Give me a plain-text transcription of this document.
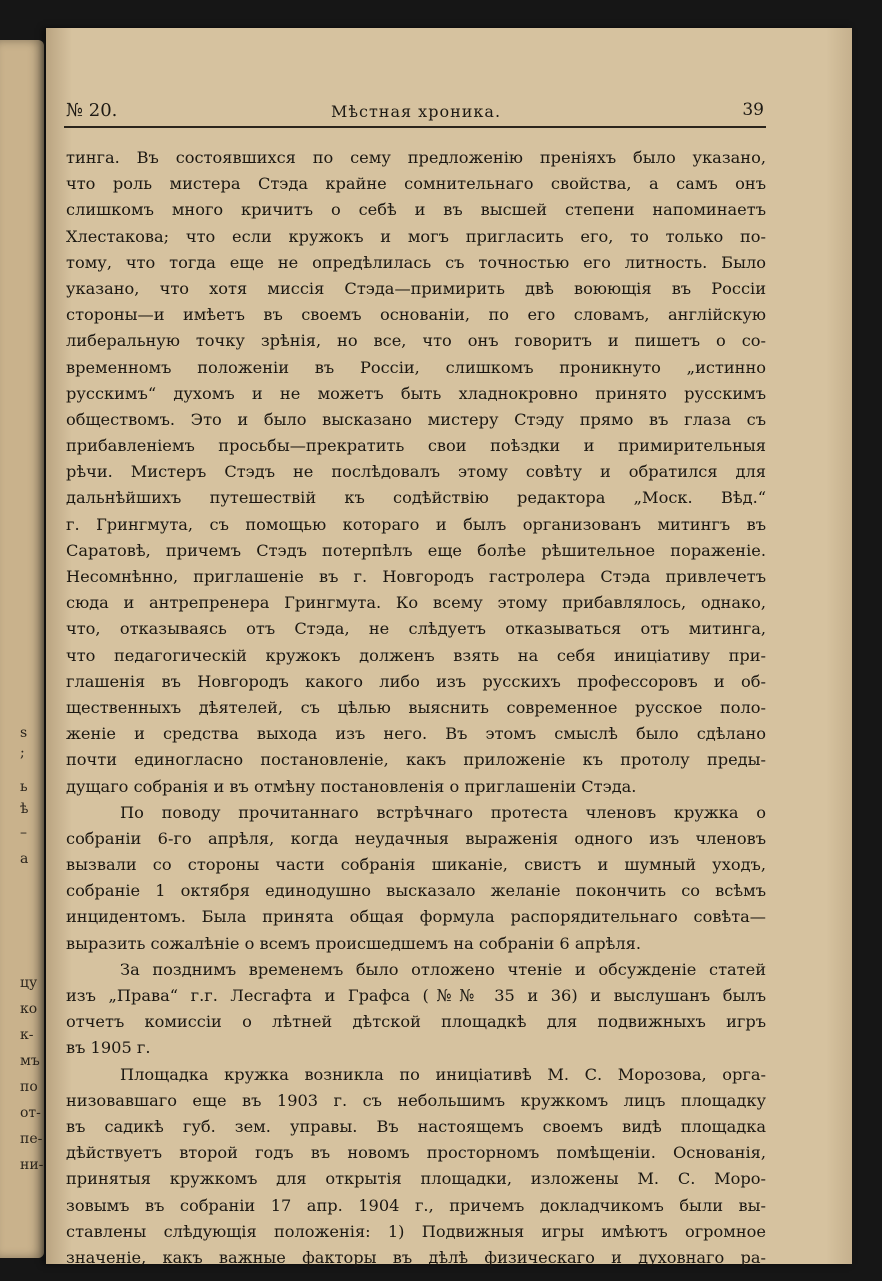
s
;
ь
ѣ
–
а
цу
ко
к-
мъ
по
от-
пе-
ни-
№ 20.	Мѣстная хроника.	39
тинга. Въ состоявшихся по сему предложенію преніяхъ было указано,
что роль мистера Стэда крайне сомнительнаго свойства, а самъ онъ
слишкомъ много кричитъ о себѣ и въ высшей степени напоминаетъ
Хлестакова; что если кружокъ и могъ пригласить его, то только по-
тому, что тогда еще не опредѣлилась съ точностью его литность. Было
указано, что хотя миссія Стэда—примирить двѣ воюющія въ Россіи
стороны—и имѣетъ въ своемъ основаніи, по его словамъ, англійскую
либеральную точку зрѣнія, но все, что онъ говоритъ и пишетъ о со-
временномъ положеніи въ Россіи, слишкомъ проникнуто „истинно
русскимъ“ духомъ и не можетъ быть хладнокровно принято русскимъ
обществомъ. Это и было высказано мистеру Стэду прямо въ глаза съ
прибавленіемъ просьбы—прекратить свои поѣздки и примирительныя
рѣчи. Мистеръ Стэдъ не послѣдовалъ этому совѣту и обратился для
дальнѣйшихъ путешествій къ содѣйствію редактора „Моск. Вѣд.“
г. Грингмута, съ помощью котораго и былъ организованъ митингъ въ
Саратовѣ, причемъ Стэдъ потерпѣлъ еще болѣе рѣшительное пораженіе.
Несомнѣнно, приглашеніе въ г. Новгородъ гастролера Стэда привлечетъ
сюда и антрепренера Грингмута. Ко всему этому прибавлялось, однако,
что, отказываясь отъ Стэда, не слѣдуетъ отказываться отъ митинга,
что педагогическій кружокъ долженъ взять на себя иниціативу при-
глашенія въ Новгородъ какого либо изъ русскихъ профессоровъ и об-
щественныхъ дѣятелей, съ цѣлью выяснить современное русское поло-
женіе и средства выхода изъ него. Въ этомъ смыслѣ было сдѣлано
почти единогласно постановленіе, какъ приложеніе къ протолу преды-
дущаго собранія и въ отмѣну постановленія о приглашеніи Стэда.
По поводу прочитаннаго встрѣчнаго протеста членовъ кружка о
собраніи 6-го апрѣля, когда неудачныя выраженія одного изъ членовъ
вызвали со стороны части собранія шиканіе, свистъ и шумный уходъ,
собраніе 1 октября единодушно высказало желаніе покончить со всѣмъ
инцидентомъ. Была принята общая формула распорядительнаго совѣта—
выразить сожалѣніе о всемъ происшедшемъ на собраніи 6 апрѣля.
За позднимъ временемъ было отложено чтеніе и обсужденіе статей
изъ „Права“ г.г. Лесгафта и Графса (№№ 35 и 36) и выслушанъ былъ
отчетъ комиссіи о лѣтней дѣтской площадкѣ для подвижныхъ игръ
въ 1905 г.
Площадка кружка возникла по иниціативѣ М. С. Морозова, орга-
низовавшаго еще въ 1903 г. съ небольшимъ кружкомъ лицъ площадку
въ садикѣ губ. зем. управы. Въ настоящемъ своемъ видѣ площадка
дѣйствуетъ второй годъ въ новомъ просторномъ помѣщеніи. Основанія,
принятыя кружкомъ для открытія площадки, изложены М. С. Моро-
зовымъ въ собраніи 17 апр. 1904 г., причемъ докладчикомъ были вы-
ставлены слѣдующія положенія: 1) Подвижныя игры имѣютъ огромное
значеніе, какъ важные факторы въ дѣлѣ физическаго и духовнаго ра-
